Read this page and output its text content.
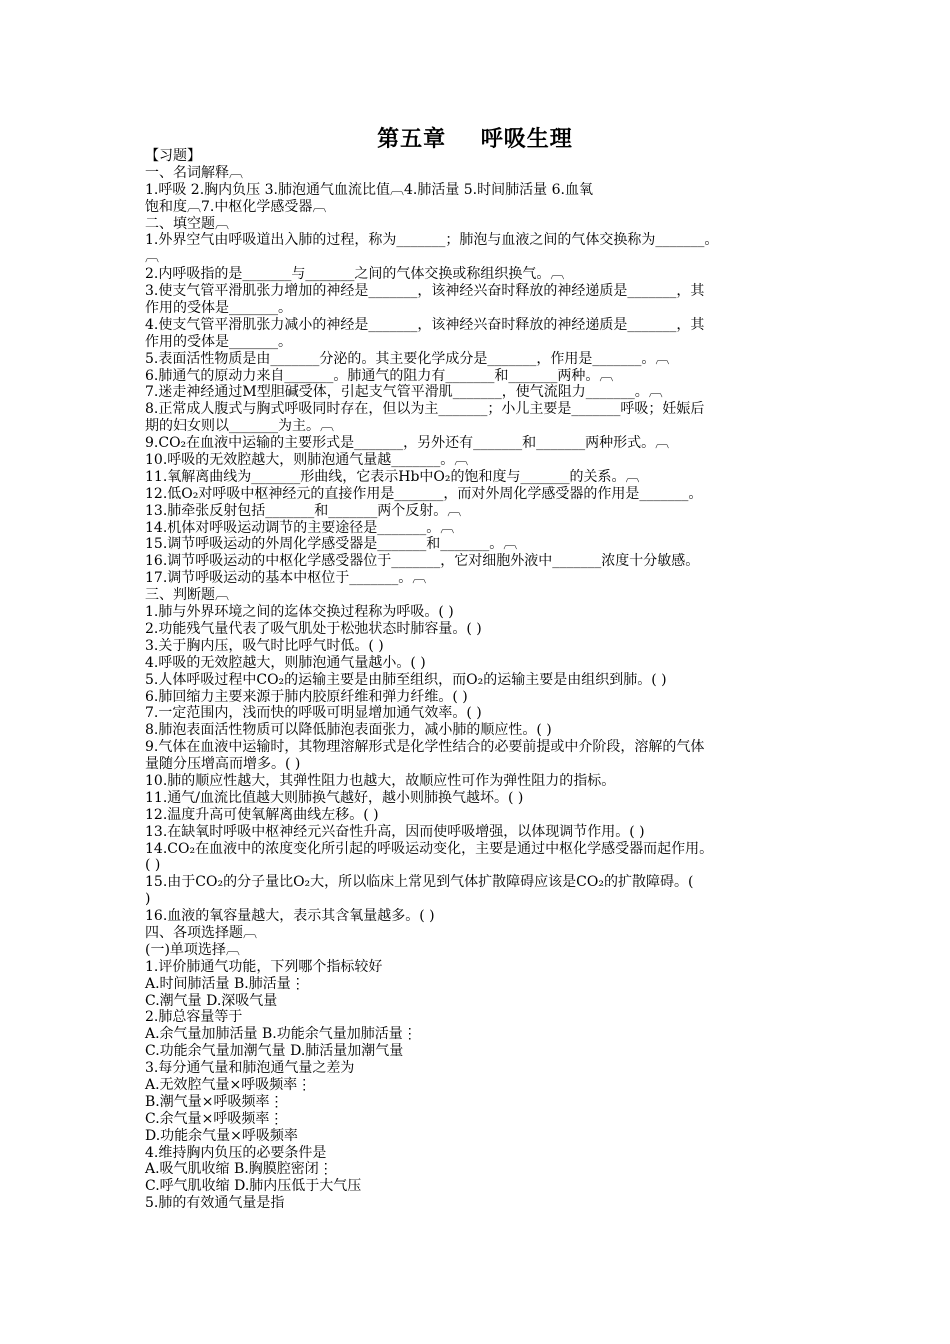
第五章    呼吸生理
【习题】
一、名词解释︹
1.呼吸 2.胸内负压 3.肺泡通气血流比值︹4.肺活量 5.时间肺活量 6.血氧
饱和度︹7.中枢化学感受器︹
二、填空题︹
1.外界空气由呼吸道出入肺的过程，称为_______；肺泡与血液之间的气体交换称为_______。
︹
2.内呼吸指的是_______与_______之间的气体交换或称组织换气。︹
3.使支气管平滑肌张力增加的神经是_______，该神经兴奋时释放的神经递质是_______，其
作用的受体是_______。
4.使支气管平滑肌张力减小的神经是_______，该神经兴奋时释放的神经递质是_______，其
作用的受体是_______。
5.表面活性物质是由_______分泌的。其主要化学成分是_______，作用是_______。︹
6.肺通气的原动力来自_______。肺通气的阻力有_______和_______两种。︹
7.迷走神经通过M型胆碱受体，引起支气管平滑肌_______，使气流阻力_______。︹
8.正常成人腹式与胸式呼吸同时存在，但以为主_______；小儿主要是_______呼吸；妊娠后
期的妇女则以_______为主。︹
9.CO₂在血液中运输的主要形式是_______，另外还有_______和_______两种形式。︹
10.呼吸的无效腔越大，则肺泡通气量越_______。︹
11.氧解离曲线为_______形曲线，它表示Hb中O₂的饱和度与_______的关系。︹
12.低O₂对呼吸中枢神经元的直接作用是_______，而对外周化学感受器的作用是_______。
13.肺牵张反射包括_______和_______两个反射。︹
14.机体对呼吸运动调节的主要途径是_______。︹
15.调节呼吸运动的外周化学感受器是_______和_______。︹
16.调节呼吸运动的中枢化学感受器位于_______，它对细胞外液中_______浓度十分敏感。
17.调节呼吸运动的基本中枢位于_______。︹
三、判断题︹
1.肺与外界环境之间的迄体交换过程称为呼吸。( )
2.功能残气量代表了吸气肌处于松弛状态时肺容量。( )
3.关于胸内压，吸气时比呼气时低。( )
4.呼吸的无效腔越大，则肺泡通气量越小。( )
5.人体呼吸过程中CO₂的运输主要是由肺至组织，而O₂的运输主要是由组织到肺。( )
6.肺回缩力主要来源于肺内胶原纤维和弹力纤维。( )
7.一定范围内，浅而快的呼吸可明显增加通气效率。( )
8.肺泡表面活性物质可以降低肺泡表面张力，减小肺的顺应性。( )
9.气体在血液中运输时，其物理溶解形式是化学性结合的必要前提或中介阶段，溶解的气体
量随分压增高而增多。( )
10.肺的顺应性越大，其弹性阻力也越大，故顺应性可作为弹性阻力的指标。
11.通气/血流比值越大则肺换气越好，越小则肺换气越坏。( )
12.温度升高可使氧解离曲线左移。( )
13.在缺氧时呼吸中枢神经元兴奋性升高，因而使呼吸增强，以体现调节作用。( )
14.CO₂在血液中的浓度变化所引起的呼吸运动变化，主要是通过中枢化学感受器而起作用。
( )
15.由于CO₂的分子量比O₂大，所以临床上常见到气体扩散障碍应该是CO₂的扩散障碍。(
)
16.血液的氧容量越大，表示其含氧量越多。( )
四、各项选择题︹
(一)单项选择︹
1.评价肺通气功能，下列哪个指标较好
A.时间肺活量 B.肺活量⋮
C.潮气量 D.深吸气量
2.肺总容量等于
A.余气量加肺活量 B.功能余气量加肺活量⋮
C.功能余气量加潮气量 D.肺活量加潮气量
3.每分通气量和肺泡通气量之差为
A.无效腔气量×呼吸频率⋮
B.潮气量×呼吸频率⋮
C.余气量×呼吸频率⋮
D.功能余气量×呼吸频率
4.维持胸内负压的必要条件是
A.吸气肌收缩 B.胸膜腔密闭⋮
C.呼气肌收缩 D.肺内压低于大气压
5.肺的有效通气量是指
